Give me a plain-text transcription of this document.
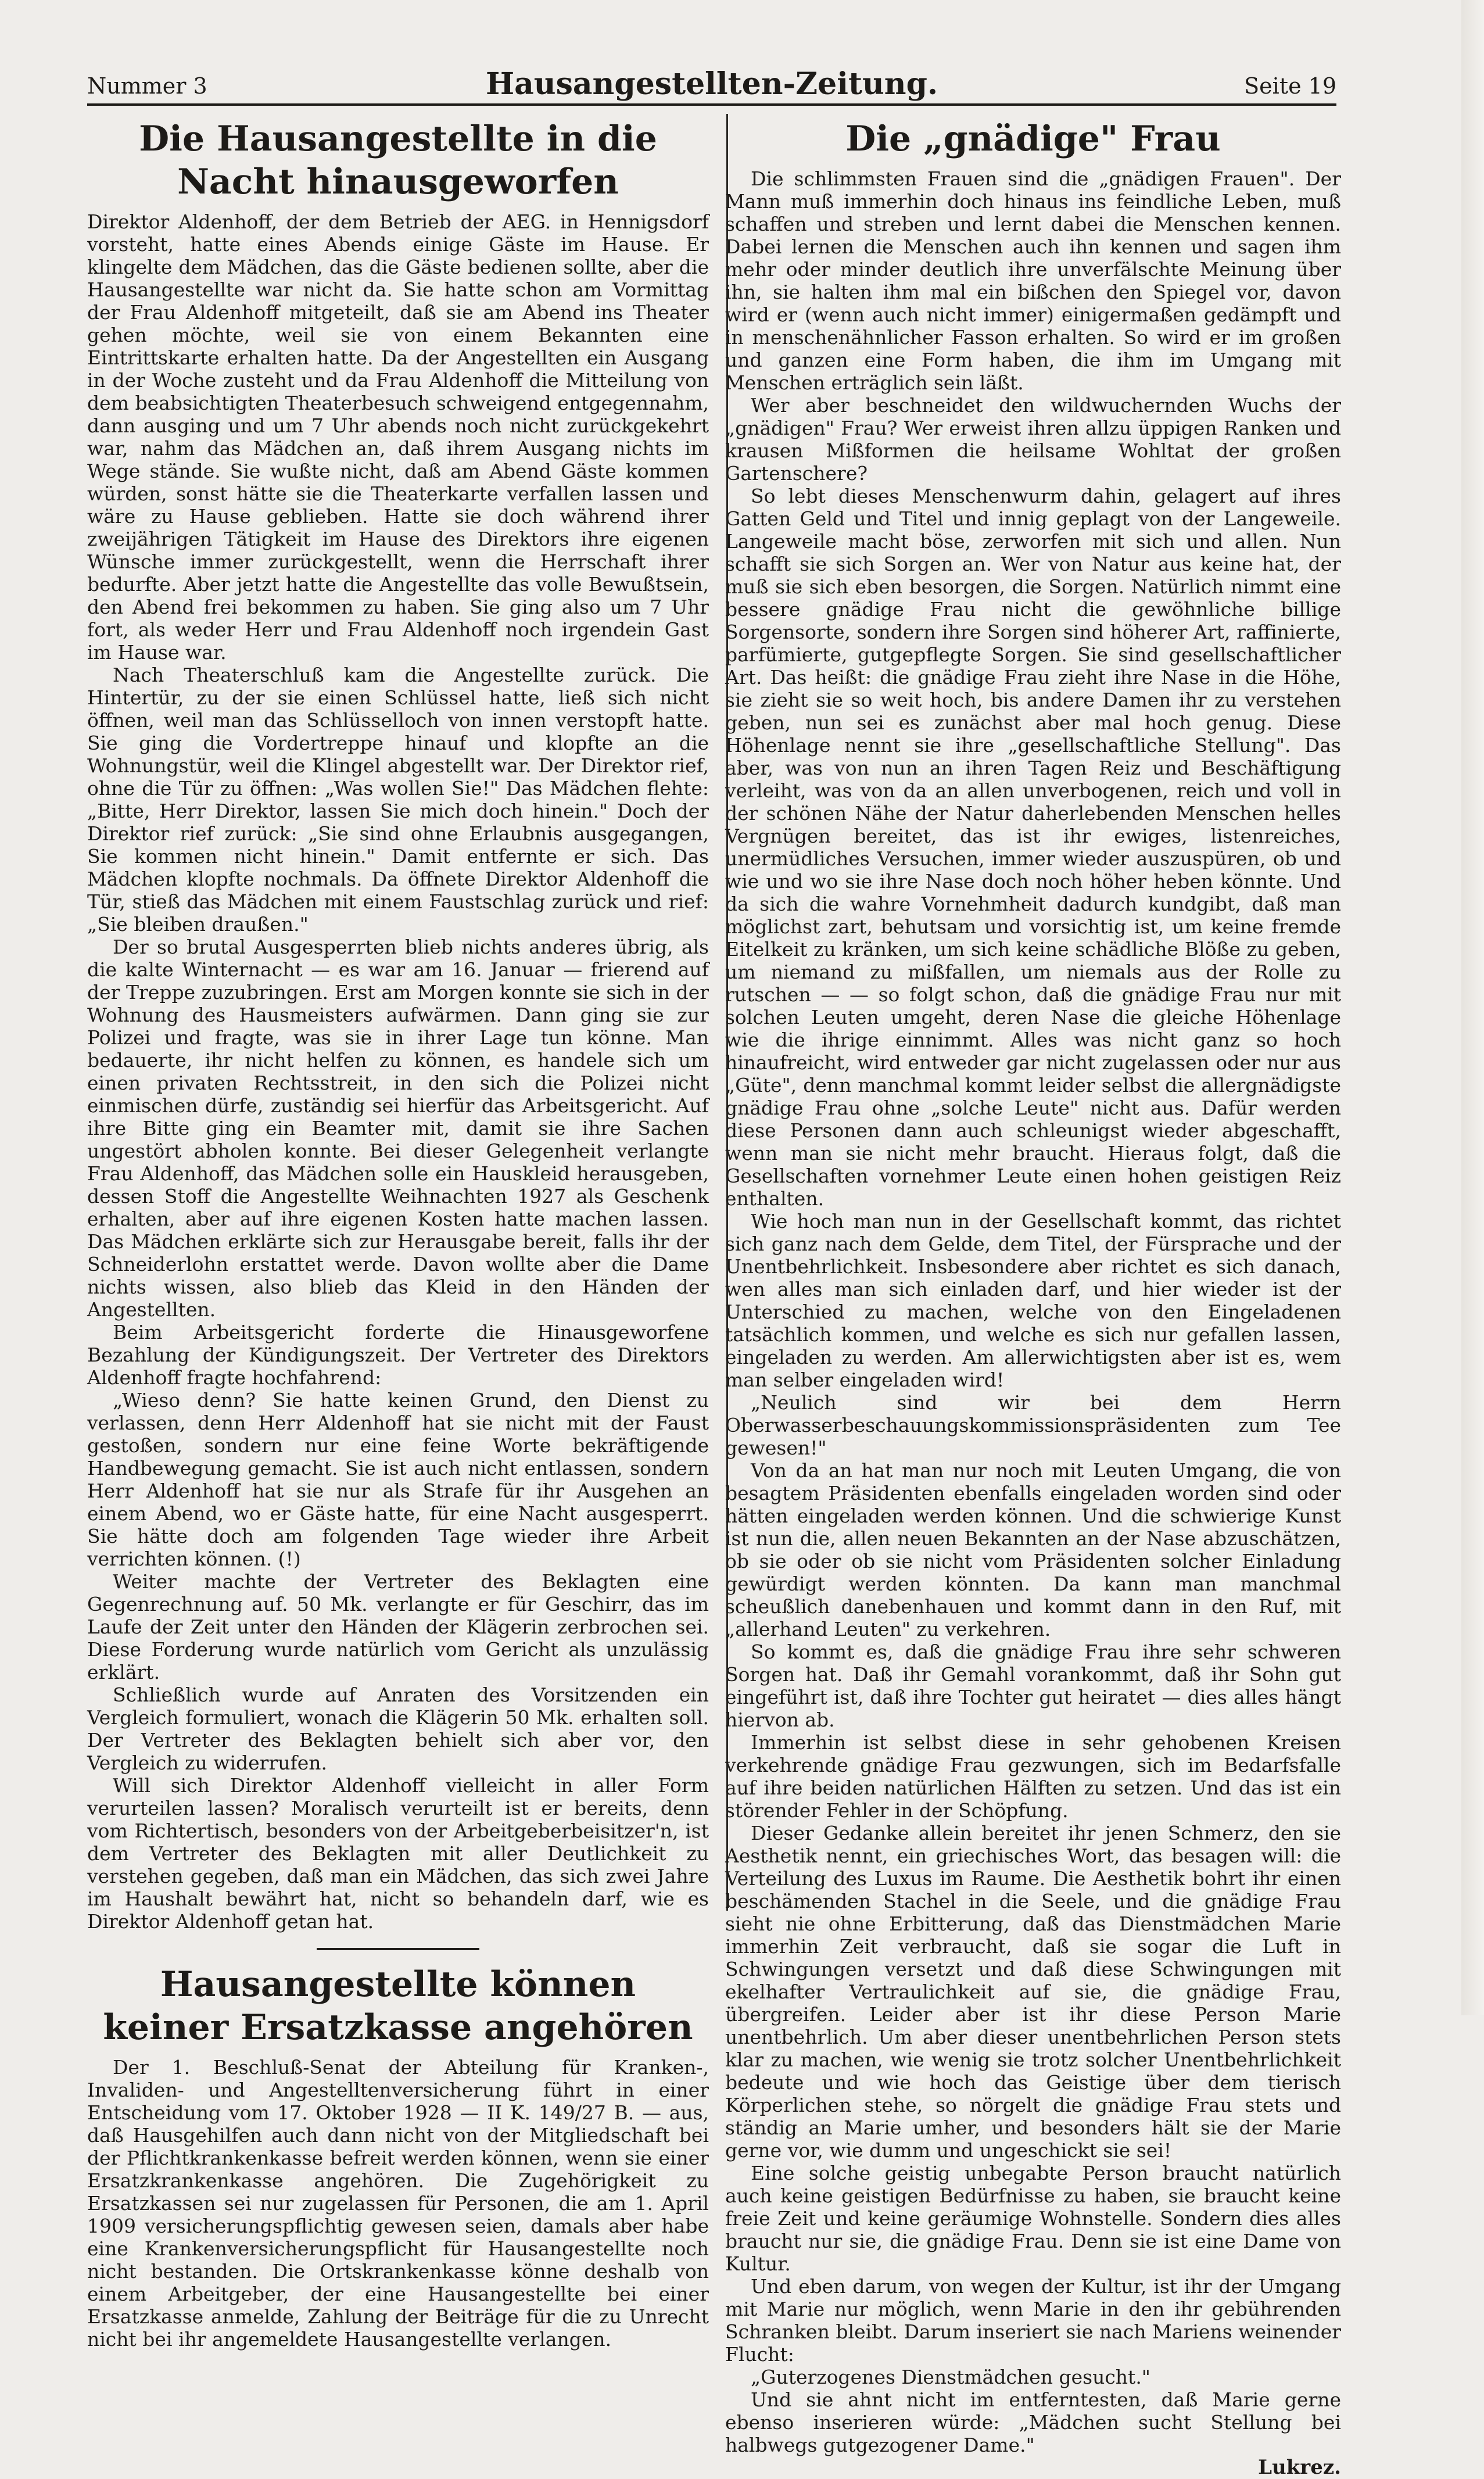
Nummer 3	Hausangestellten-Zeitung.	Seite 19
Die Hausangestellte in die Nacht hinausgeworfen

Direktor Aldenhoff, der dem Betrieb der AEG. in Hennigsdorf vorsteht, hatte eines Abends einige Gäste im Hause. Er klingelte dem Mädchen, das die Gäste bedienen sollte, aber die Hausangestellte war nicht da. Sie hatte schon am Vormittag der Frau Aldenhoff mitgeteilt, daß sie am Abend ins Theater gehen möchte, weil sie von einem Bekannten eine Eintrittskarte erhalten hatte. Da der Angestellten ein Ausgang in der Woche zusteht und da Frau Aldenhoff die Mitteilung von dem beabsichtigten Theaterbesuch schweigend entgegennahm, dann ausging und um 7 Uhr abends noch nicht zurückgekehrt war, nahm das Mädchen an, daß ihrem Ausgang nichts im Wege stände. Sie wußte nicht, daß am Abend Gäste kommen würden, sonst hätte sie die Theaterkarte verfallen lassen und wäre zu Hause geblieben. Hatte sie doch während ihrer zweijährigen Tätigkeit im Hause des Direktors ihre eigenen Wünsche immer zurückgestellt, wenn die Herrschaft ihrer bedurfte. Aber jetzt hatte die Angestellte das volle Bewußtsein, den Abend frei bekommen zu haben. Sie ging also um 7 Uhr fort, als weder Herr und Frau Aldenhoff noch irgendein Gast im Hause war.

Nach Theaterschluß kam die Angestellte zurück. Die Hintertür, zu der sie einen Schlüssel hatte, ließ sich nicht öffnen, weil man das Schlüsselloch von innen verstopft hatte. Sie ging die Vordertreppe hinauf und klopfte an die Wohnungstür, weil die Klingel abgestellt war. Der Direktor rief, ohne die Tür zu öffnen: „Was wollen Sie!" Das Mädchen flehte: „Bitte, Herr Direktor, lassen Sie mich doch hinein." Doch der Direktor rief zurück: „Sie sind ohne Erlaubnis ausgegangen, Sie kommen nicht hinein." Damit entfernte er sich. Das Mädchen klopfte nochmals. Da öffnete Direktor Aldenhoff die Tür, stieß das Mädchen mit einem Faustschlag zurück und rief: „Sie bleiben draußen."

Der so brutal Ausgesperrten blieb nichts anderes übrig, als die kalte Winternacht — es war am 16. Januar — frierend auf der Treppe zuzubringen. Erst am Morgen konnte sie sich in der Wohnung des Hausmeisters aufwärmen. Dann ging sie zur Polizei und fragte, was sie in ihrer Lage tun könne. Man bedauerte, ihr nicht helfen zu können, es handele sich um einen privaten Rechtsstreit, in den sich die Polizei nicht einmischen dürfe, zuständig sei hierfür das Arbeitsgericht. Auf ihre Bitte ging ein Beamter mit, damit sie ihre Sachen ungestört abholen konnte. Bei dieser Gelegenheit verlangte Frau Aldenhoff, das Mädchen solle ein Hauskleid herausgeben, dessen Stoff die Angestellte Weihnachten 1927 als Geschenk erhalten, aber auf ihre eigenen Kosten hatte machen lassen. Das Mädchen erklärte sich zur Herausgabe bereit, falls ihr der Schneiderlohn erstattet werde. Davon wollte aber die Dame nichts wissen, also blieb das Kleid in den Händen der Angestellten.

Beim Arbeitsgericht forderte die Hinausgeworfene Bezahlung der Kündigungszeit. Der Vertreter des Direktors Aldenhoff fragte hochfahrend:

„Wieso denn? Sie hatte keinen Grund, den Dienst zu verlassen, denn Herr Aldenhoff hat sie nicht mit der Faust gestoßen, sondern nur eine feine Worte bekräftigende Handbewegung gemacht. Sie ist auch nicht entlassen, sondern Herr Aldenhoff hat sie nur als Strafe für ihr Ausgehen an einem Abend, wo er Gäste hatte, für eine Nacht ausgesperrt. Sie hätte doch am folgenden Tage wieder ihre Arbeit verrichten können. (!)

Weiter machte der Vertreter des Beklagten eine Gegenrechnung auf. 50 Mk. verlangte er für Geschirr, das im Laufe der Zeit unter den Händen der Klägerin zerbrochen sei. Diese Forderung wurde natürlich vom Gericht als unzulässig erklärt.

Schließlich wurde auf Anraten des Vorsitzenden ein Vergleich formuliert, wonach die Klägerin 50 Mk. erhalten soll. Der Vertreter des Beklagten behielt sich aber vor, den Vergleich zu widerrufen.

Will sich Direktor Aldenhoff vielleicht in aller Form verurteilen lassen? Moralisch verurteilt ist er bereits, denn vom Richtertisch, besonders von der Arbeitgeberbeisitzer'n, ist dem Vertreter des Beklagten mit aller Deutlichkeit zu verstehen gegeben, daß man ein Mädchen, das sich zwei Jahre im Haushalt bewährt hat, nicht so behandeln darf, wie es Direktor Aldenhoff getan hat.

Hausangestellte können keiner Ersatzkasse angehören

Der 1. Beschluß-Senat der Abteilung für Kranken-, Invaliden- und Angestelltenversicherung führt in einer Entscheidung vom 17. Oktober 1928 — II K. 149/27 B. — aus, daß Hausgehilfen auch dann nicht von der Mitgliedschaft bei der Pflichtkrankenkasse befreit werden können, wenn sie einer Ersatzkrankenkasse angehören. Die Zugehörigkeit zu Ersatzkassen sei nur zugelassen für Personen, die am 1. April 1909 versicherungspflichtig gewesen seien, damals aber habe eine Krankenversicherungspflicht für Hausangestellte noch nicht bestanden. Die Ortskrankenkasse könne deshalb von einem Arbeitgeber, der eine Hausangestellte bei einer Ersatzkasse anmelde, Zahlung der Beiträge für die zu Unrecht nicht bei ihr angemeldete Hausangestellte verlangen.

Die „gnädige" Frau

Die schlimmsten Frauen sind die „gnädigen Frauen". Der Mann muß immerhin doch hinaus ins feindliche Leben, muß schaffen und streben und lernt dabei die Menschen kennen. Dabei lernen die Menschen auch ihn kennen und sagen ihm mehr oder minder deutlich ihre unverfälschte Meinung über ihn, sie halten ihm mal ein bißchen den Spiegel vor, davon wird er (wenn auch nicht immer) einigermaßen gedämpft und in menschenähnlicher Fasson erhalten. So wird er im großen und ganzen eine Form haben, die ihm im Umgang mit Menschen erträglich sein läßt.

Wer aber beschneidet den wildwuchernden Wuchs der „gnädigen" Frau? Wer erweist ihren allzu üppigen Ranken und krausen Mißformen die heilsame Wohltat der großen Gartenschere?

So lebt dieses Menschenwurm dahin, gelagert auf ihres Gatten Geld und Titel und innig geplagt von der Langeweile. Langeweile macht böse, zerworfen mit sich und allen. Nun schafft sie sich Sorgen an. Wer von Natur aus keine hat, der muß sie sich eben besorgen, die Sorgen. Natürlich nimmt eine bessere gnädige Frau nicht die gewöhnliche billige Sorgensorte, sondern ihre Sorgen sind höherer Art, raffinierte, parfümierte, gutgepflegte Sorgen. Sie sind gesellschaftlicher Art. Das heißt: die gnädige Frau zieht ihre Nase in die Höhe, sie zieht sie so weit hoch, bis andere Damen ihr zu verstehen geben, nun sei es zunächst aber mal hoch genug. Diese Höhenlage nennt sie ihre „gesellschaftliche Stellung". Das aber, was von nun an ihren Tagen Reiz und Beschäftigung verleiht, was von da an allen unverbogenen, reich und voll in der schönen Nähe der Natur daherlebenden Menschen helles Vergnügen bereitet, das ist ihr ewiges, listenreiches, unermüdliches Versuchen, immer wieder auszuspüren, ob und wie und wo sie ihre Nase doch noch höher heben könnte. Und da sich die wahre Vornehmheit dadurch kundgibt, daß man möglichst zart, behutsam und vorsichtig ist, um keine fremde Eitelkeit zu kränken, um sich keine schädliche Blöße zu geben, um niemand zu mißfallen, um niemals aus der Rolle zu rutschen — — so folgt schon, daß die gnädige Frau nur mit solchen Leuten umgeht, deren Nase die gleiche Höhenlage wie die ihrige einnimmt. Alles was nicht ganz so hoch hinaufreicht, wird entweder gar nicht zugelassen oder nur aus „Güte", denn manchmal kommt leider selbst die allergnädigste gnädige Frau ohne „solche Leute" nicht aus. Dafür werden diese Personen dann auch schleunigst wieder abgeschafft, wenn man sie nicht mehr braucht. Hieraus folgt, daß die Gesellschaften vornehmer Leute einen hohen geistigen Reiz enthalten.

Wie hoch man nun in der Gesellschaft kommt, das richtet sich ganz nach dem Gelde, dem Titel, der Fürsprache und der Unentbehrlichkeit. Insbesondere aber richtet es sich danach, wen alles man sich einladen darf, und hier wieder ist der Unterschied zu machen, welche von den Eingeladenen tatsächlich kommen, und welche es sich nur gefallen lassen, eingeladen zu werden. Am allerwichtigsten aber ist es, wem man selber eingeladen wird!

„Neulich sind wir bei dem Herrn Oberwasserbeschauungskommissionspräsidenten zum Tee gewesen!"

Von da an hat man nur noch mit Leuten Umgang, die von besagtem Präsidenten ebenfalls eingeladen worden sind oder hätten eingeladen werden können. Und die schwierige Kunst ist nun die, allen neuen Bekannten an der Nase abzuschätzen, ob sie oder ob sie nicht vom Präsidenten solcher Einladung gewürdigt werden könnten. Da kann man manchmal scheußlich danebenhauen und kommt dann in den Ruf, mit „allerhand Leuten" zu verkehren.

So kommt es, daß die gnädige Frau ihre sehr schweren Sorgen hat. Daß ihr Gemahl vorankommt, daß ihr Sohn gut eingeführt ist, daß ihre Tochter gut heiratet — dies alles hängt hiervon ab.

Immerhin ist selbst diese in sehr gehobenen Kreisen verkehrende gnädige Frau gezwungen, sich im Bedarfsfalle auf ihre beiden natürlichen Hälften zu setzen. Und das ist ein störender Fehler in der Schöpfung.

Dieser Gedanke allein bereitet ihr jenen Schmerz, den sie Aesthetik nennt, ein griechisches Wort, das besagen will: die Verteilung des Luxus im Raume. Die Aesthetik bohrt ihr einen beschämenden Stachel in die Seele, und die gnädige Frau sieht nie ohne Erbitterung, daß das Dienstmädchen Marie immerhin Zeit verbraucht, daß sie sogar die Luft in Schwingungen versetzt und daß diese Schwingungen mit ekelhafter Vertraulichkeit auf sie, die gnädige Frau, übergreifen. Leider aber ist ihr diese Person Marie unentbehrlich. Um aber dieser unentbehrlichen Person stets klar zu machen, wie wenig sie trotz solcher Unentbehrlichkeit bedeute und wie hoch das Geistige über dem tierisch Körperlichen stehe, so nörgelt die gnädige Frau stets und ständig an Marie umher, und besonders hält sie der Marie gerne vor, wie dumm und ungeschickt sie sei!

Eine solche geistig unbegabte Person braucht natürlich auch keine geistigen Bedürfnisse zu haben, sie braucht keine freie Zeit und keine geräumige Wohnstelle. Sondern dies alles braucht nur sie, die gnädige Frau. Denn sie ist eine Dame von Kultur.

Und eben darum, von wegen der Kultur, ist ihr der Umgang mit Marie nur möglich, wenn Marie in den ihr gebührenden Schranken bleibt. Darum inseriert sie nach Mariens weinender Flucht:

„Guterzogenes Dienstmädchen gesucht."

Und sie ahnt nicht im entferntesten, daß Marie gerne ebenso inserieren würde: „Mädchen sucht Stellung bei halbwegs gutgezogener Dame."

Lukrez.
